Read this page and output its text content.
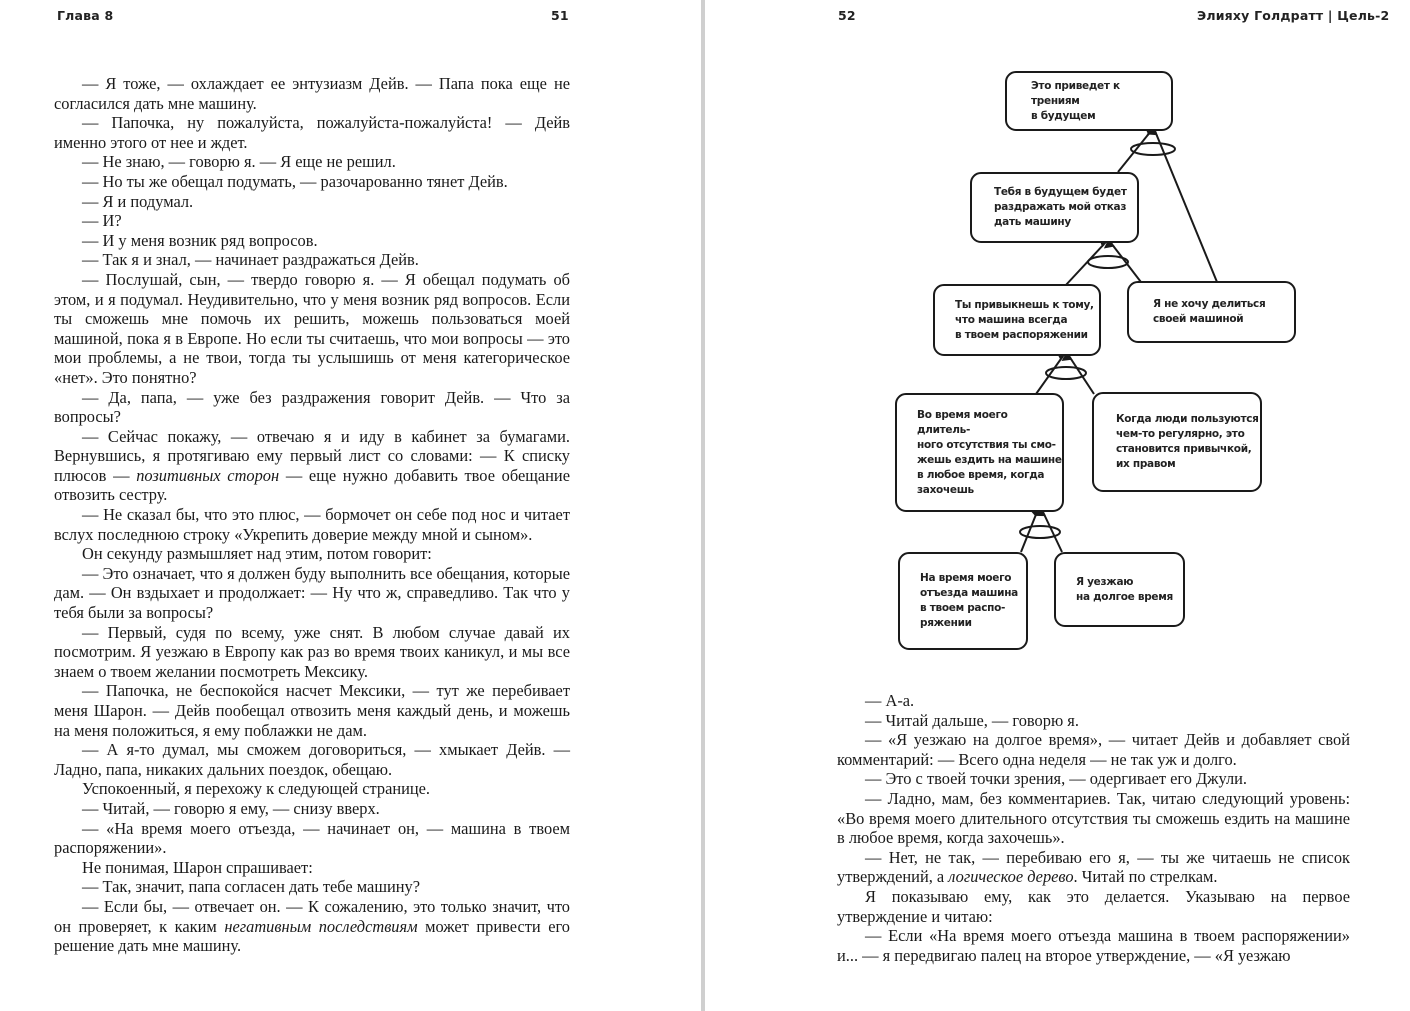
Глава 8	51

— Я тоже, — охлаждает ее энтузиазм Дейв. — Папа пока еще не согласился дать мне машину.

— Папочка, ну пожалуйста, пожалуйста-пожалуйста! — Дейв именно этого от нее и ждет.

— Не знаю, — говорю я. — Я еще не решил.

— Но ты же обещал подумать, — разочарованно тянет Дейв.

— Я и подумал.

— И?

— И у меня возник ряд вопросов.

— Так я и знал, — начинает раздражаться Дейв.

— Послушай, сын, — твердо говорю я. — Я обещал подумать об этом, и я подумал. Неудивительно, что у меня возник ряд вопросов. Если ты сможешь мне помочь их решить, можешь пользоваться моей машиной, пока я в Европе. Но если ты считаешь, что мои вопросы — это мои проблемы, а не твои, тогда ты услышишь от меня категорическое «нет». Это понятно?

— Да, папа, — уже без раздражения говорит Дейв. — Что за вопросы?

— Сейчас покажу, — отвечаю я и иду в кабинет за бумагами. Вернувшись, я протягиваю ему первый лист со словами: — К списку плюсов — позитивных сторон — еще нужно добавить твое обещание отвозить сестру.

— Не сказал бы, что это плюс, — бормочет он себе под нос и читает вслух последнюю строку «Укрепить доверие между мной и сыном».

Он секунду размышляет над этим, потом говорит:

— Это означает, что я должен буду выполнить все обещания, которые дам. — Он вздыхает и продолжает: — Ну что ж, справедливо. Так что у тебя были за вопросы?

— Первый, судя по всему, уже снят. В любом случае давай их посмотрим. Я уезжаю в Европу как раз во время твоих каникул, и мы все знаем о твоем желании посмотреть Мексику.

— Папочка, не беспокойся насчет Мексики, — тут же перебивает меня Шарон. — Дейв пообещал отвозить меня каждый день, и можешь на меня положиться, я ему поблажки не дам.

— А я-то думал, мы сможем договориться, — хмыкает Дейв. — Ладно, папа, никаких дальних поездок, обещаю.

Успокоенный, я перехожу к следующей странице.

— Читай, — говорю я ему, — снизу вверх.

— «На время моего отъезда, — начинает он, — машина в твоем распоряжении».

Не понимая, Шарон спрашивает:

— Так, значит, папа согласен дать тебе машину?

— Если бы, — отвечает он. — К сожалению, это только значит, что он проверяет, к каким негативным последствиям может привести его решение дать мне машину.

52	Элияху Голдратт | Цель-2
Это приведет к трениям
в будущем
Тебя в будущем будет
раздражать мой отказ
дать машину
Ты привыкнешь к тому,
что машина всегда
в твоем распоряжении
Я не хочу делиться
своей машиной
Во время моего длитель-
ного отсутствия ты смо-
жешь ездить на машине
в любое время, когда
захочешь
Когда люди пользуются
чем-то регулярно, это
становится привычкой,
их правом
На время моего
отъезда машина
в твоем распо-
ряжении
Я уезжаю
на долгое время

— А-а.

— Читай дальше, — говорю я.

— «Я уезжаю на долгое время», — читает Дейв и добавляет свой комментарий: — Всего одна неделя — не так уж и долго.

— Это с твоей точки зрения, — одергивает его Джули.

— Ладно, мам, без комментариев. Так, читаю следующий уровень: «Во время моего длительного отсутствия ты сможешь ездить на машине в любое время, когда захочешь».

— Нет, не так, — перебиваю его я, — ты же читаешь не список утверждений, а логическое дерево. Читай по стрелкам.

Я показываю ему, как это делается. Указываю на первое утверждение и читаю:

— Если «На время моего отъезда машина в твоем распоряжении» и... — я передвигаю палец на второе утверждение, — «Я уезжаю
